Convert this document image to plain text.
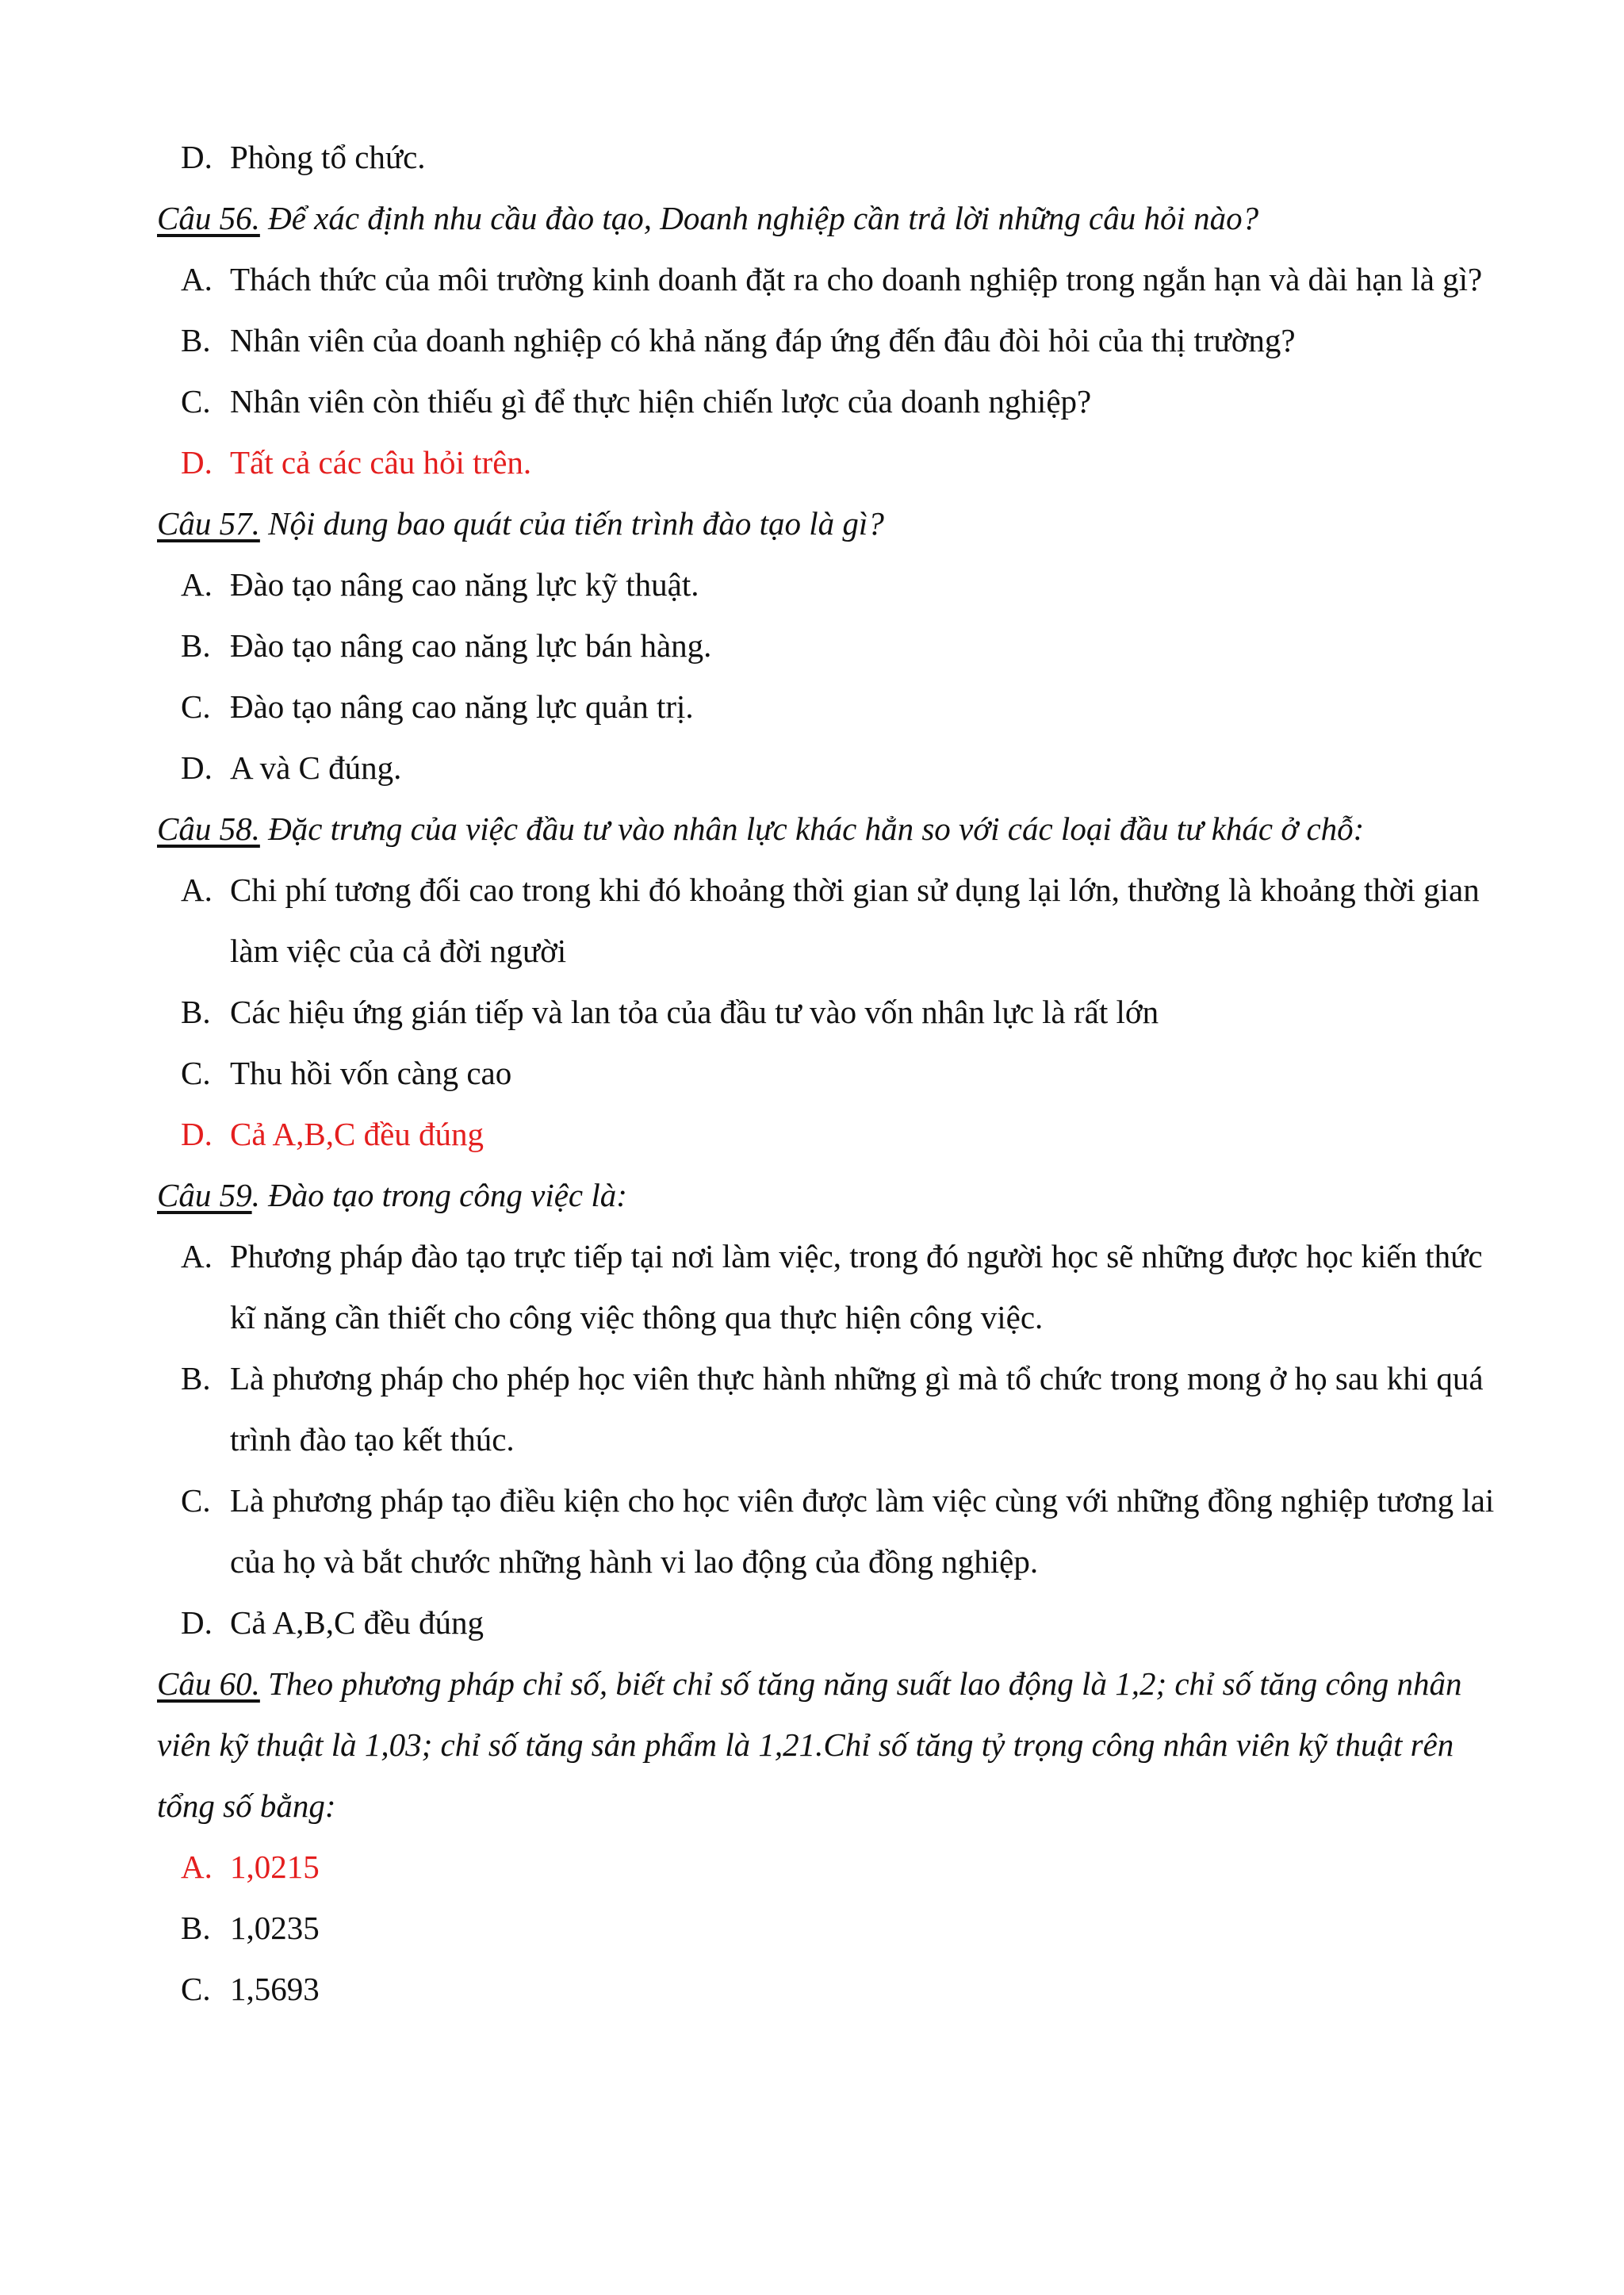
D. Phòng tổ chức.
Câu 56. Để xác định nhu cầu đào tạo, Doanh nghiệp cần trả lời những câu hỏi nào?
A. Thách thức của môi trường kinh doanh đặt ra cho doanh nghiệp trong ngắn hạn và dài hạn là gì?
B. Nhân viên của doanh nghiệp có khả năng đáp ứng đến đâu đòi hỏi của thị trường?
C. Nhân viên còn thiếu gì để thực hiện chiến lược của doanh nghiệp?
D. Tất cả các câu hỏi trên.
Câu 57. Nội dung bao quát của tiến trình đào tạo là gì?
A. Đào tạo nâng cao năng lực kỹ thuật.
B. Đào tạo nâng cao năng lực bán hàng.
C. Đào tạo nâng cao năng lực quản trị.
D. A và C đúng.
Câu 58. Đặc trưng của việc đầu tư vào nhân lực khác hẳn so với các loại đầu tư khác ở chỗ:
A. Chi phí tương đối cao trong khi đó khoảng thời gian sử dụng lại lớn, thường là khoảng thời gian làm việc của cả đời người
B. Các hiệu ứng gián tiếp và lan tỏa của đầu tư vào vốn nhân lực là rất lớn
C. Thu hồi vốn càng cao
D. Cả A,B,C đều đúng
Câu 59. Đào tạo trong công việc là:
A. Phương pháp đào tạo trực tiếp tại nơi làm việc, trong đó người học sẽ những được học kiến thức kĩ năng cần thiết cho công việc thông qua thực hiện công việc.
B. Là phương pháp cho phép học viên thực hành những gì mà tổ chức trong mong ở họ sau khi quá trình đào tạo kết thúc.
C. Là phương pháp tạo điều kiện cho học viên được làm việc cùng với những đồng nghiệp tương lai của họ và bắt chước những hành vi lao động của đồng nghiệp.
D. Cả A,B,C đều đúng
Câu 60. Theo phương pháp chỉ số, biết chỉ số tăng năng suất lao động là 1,2; chỉ số tăng công nhân viên kỹ thuật là 1,03; chỉ số tăng sản phẩm là 1,21.Chỉ số tăng tỷ trọng công nhân viên kỹ thuật rên tổng số bằng:
A. 1,0215
B. 1,0235
C. 1,5693
